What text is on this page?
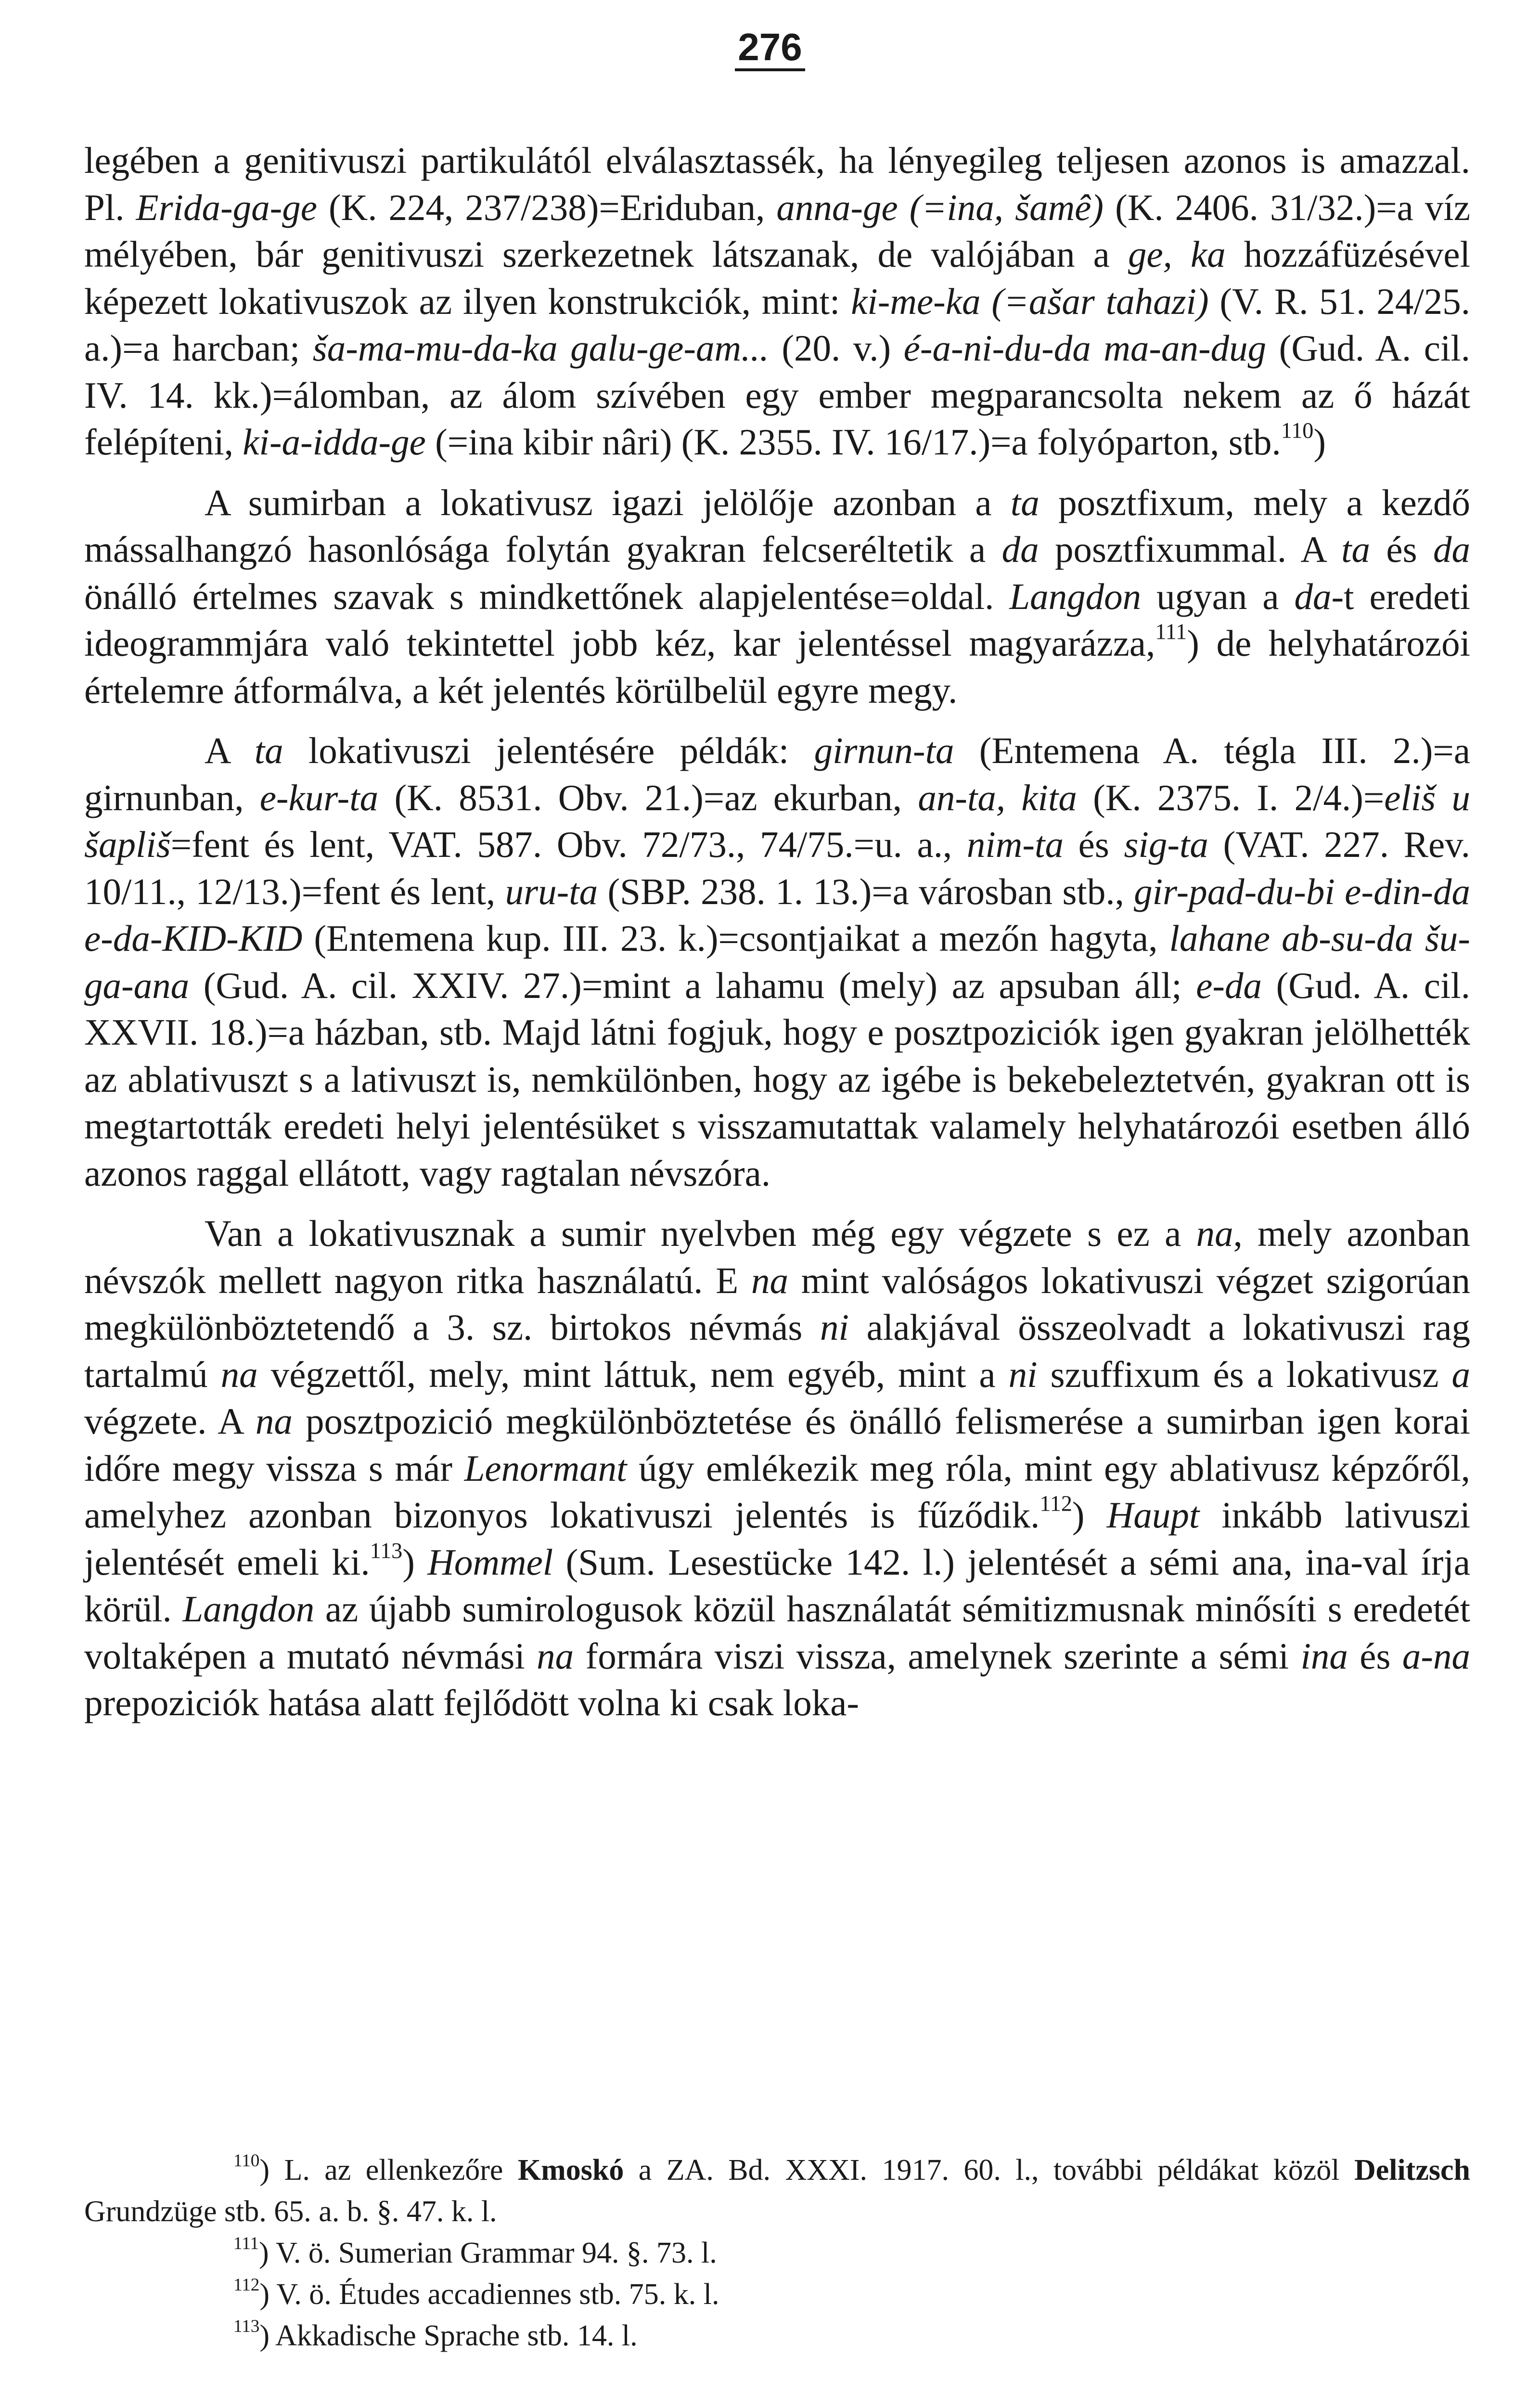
276

legében a genitivuszi partikulától elválasztassék, ha lényegileg teljesen azonos is amazzal. Pl. Erida-ga-ge (K. 224, 237/238)=Eriduban, anna-ge (=ina, šamê) (K. 2406. 31/32.)=a víz mélyében, bár genitivuszi szerkezetnek látszanak, de valójában a ge, ka hozzáfüzésével képezett lokativuszok az ilyen konstrukciók, mint: ki-me-ka (=ašar tahazi) (V. R. 51. 24/25. a.)=a harcban; ša-ma-mu-da-ka galu-ge-am... (20. v.) é-a-ni-du-da ma-an-dug (Gud. A. cil. IV. 14. kk.)=álomban, az álom szívében egy ember megparancsolta nekem az ő házát felépíteni, ki-a-idda-ge (=ina kibir nâri) (K. 2355. IV. 16/17.)=a folyóparton, stb.$^{110}$)

A sumirban a lokativusz igazi jelölője azonban a ta posztfixum, mely a kezdő mássalhangzó hasonlósága folytán gyakran felcseréltetik a da posztfixummal. A ta és da önálló értelmes szavak s mindkettőnek alapjelentése=oldal. Langdon ugyan a da-t eredeti ideogrammjára való tekintettel jobb kéz, kar jelentéssel magyarázza,$^{111}$) de helyhatározói értelemre átformálva, a két jelentés körülbelül egyre megy.

A ta lokativuszi jelentésére példák: girnun-ta (Entemena A. tégla III. 2.)=a girnunban, e-kur-ta (K. 8531. Obv. 21.)=az ekurban, an-ta, kita (K. 2375. I. 2/4.)=eliš u šapliš=fent és lent, VAT. 587. Obv. 72/73., 74/75.=u. a., nim-ta és sig-ta (VAT. 227. Rev. 10/11., 12/13.)=fent és lent, uru-ta (SBP. 238. 1. 13.)=a városban stb., gir-pad-du-bi e-din-da e-da-KID-KID (Entemena kup. III. 23. k.)=csontjaikat a mezőn hagyta, lahane ab-su-da šu-ga-ana (Gud. A. cil. XXIV. 27.)=mint a lahamu (mely) az apsuban áll; e-da (Gud. A. cil. XXVII. 18.)=a házban, stb. Majd látni fogjuk, hogy e posztpoziciók igen gyakran jelölhették az ablativuszt s a lativuszt is, nemkülönben, hogy az igébe is bekebeleztetvén, gyakran ott is megtartották eredeti helyi jelentésüket s visszamutattak valamely helyhatározói esetben álló azonos raggal ellátott, vagy ragtalan névszóra.

Van a lokativusznak a sumir nyelvben még egy végzete s ez a na, mely azonban névszók mellett nagyon ritka használatú. E na mint valóságos lokativuszi végzet szigorúan megkülönböztetendő a 3. sz. birtokos névmás ni alakjával összeolvadt a lokativuszi rag tartalmú na végzettől, mely, mint láttuk, nem egyéb, mint a ni szuffixum és a lokativusz a végzete. A na posztpozició megkülönböztetése és önálló felismerése a sumirban igen korai időre megy vissza s már Lenormant úgy emlékezik meg róla, mint egy ablativusz képzőről, amelyhez azonban bizonyos lokativuszi jelentés is fűződik.$^{112}$) Haupt inkább lativuszi jelentését emeli ki.$^{113}$) Hommel (Sum. Lesestücke 142. l.) jelentését a sémi ana, ina-val írja körül. Langdon az újabb sumirologusok közül használatát sémitizmusnak minősíti s eredetét voltaképen a mutató névmási na formára viszi vissza, amelynek szerinte a sémi ina és a-na prepoziciók hatása alatt fejlődött volna ki csak loka-

$^{110}$) L. az ellenkezőre Kmoskó a ZA. Bd. XXXI. 1917. 60. l., további példákat közöl Delitzsch Grundzüge stb. 65. a. b. §. 47. k. l.

$^{111}$) V. ö. Sumerian Grammar 94. §. 73. l.

$^{112}$) V. ö. Études accadiennes stb. 75. k. l.

$^{113}$) Akkadische Sprache stb. 14. l.
